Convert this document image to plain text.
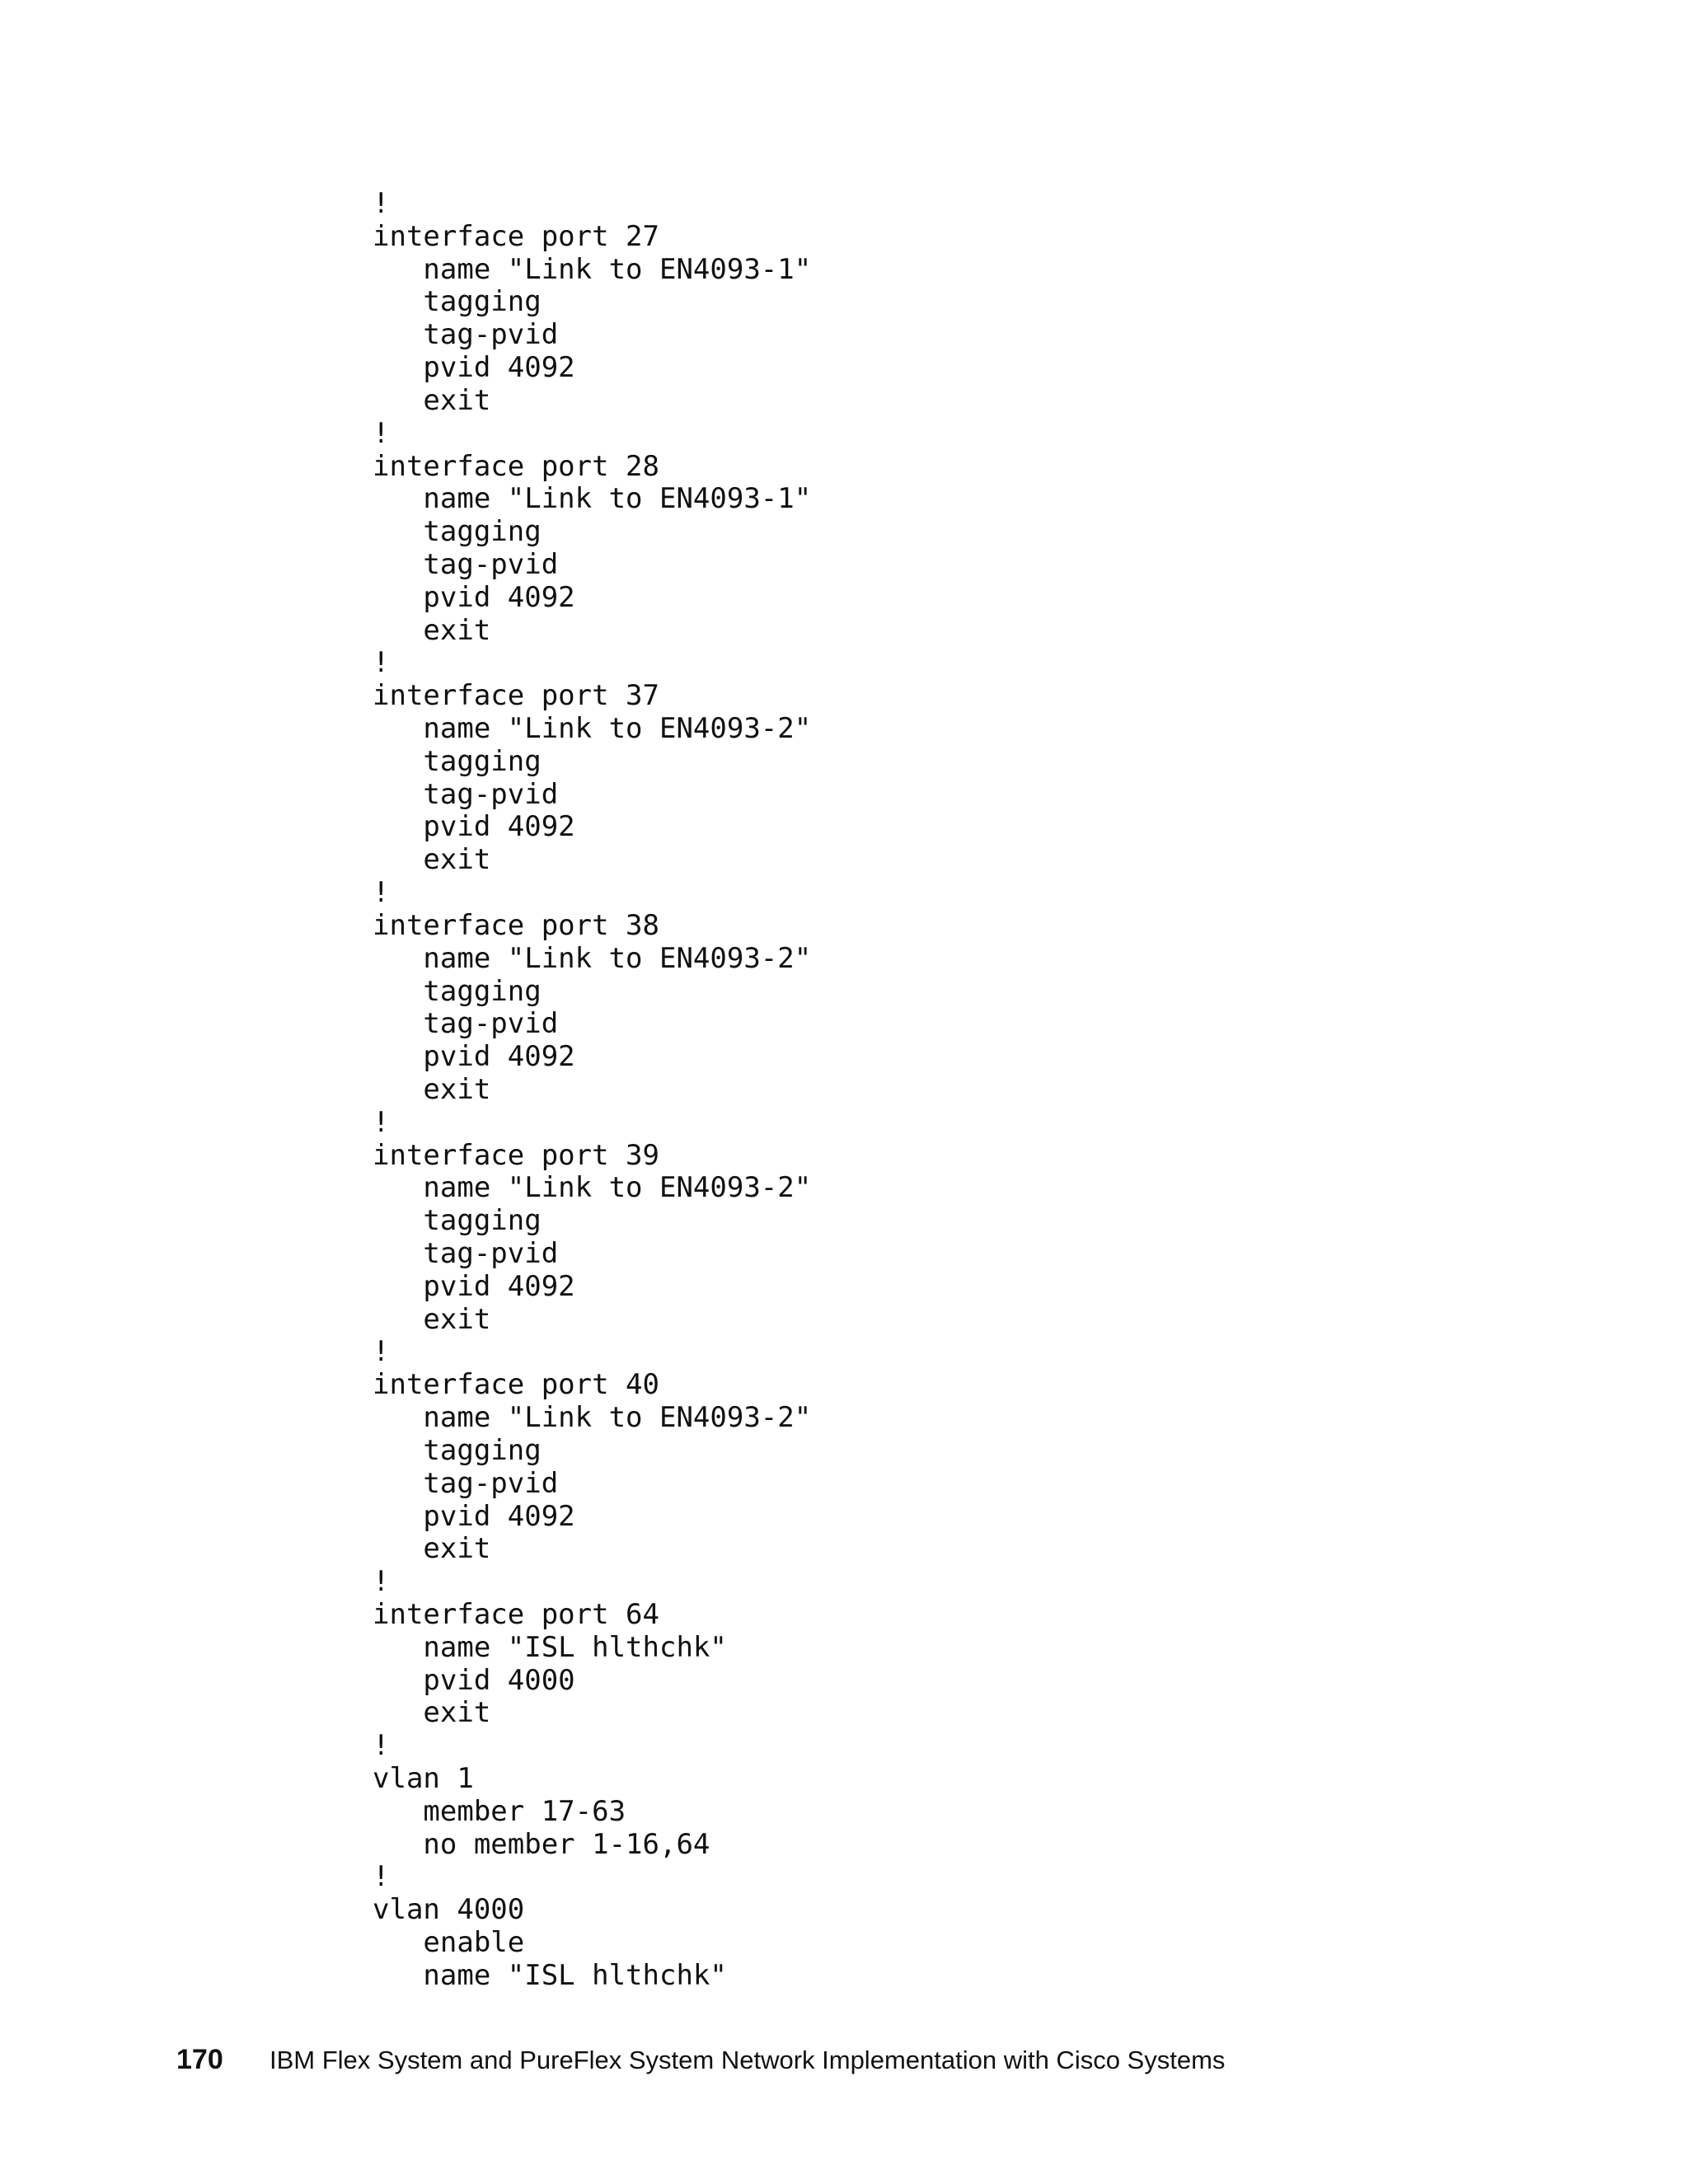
!
interface port 27
name "Link to EN4093-1"
tagging
tag-pvid
pvid 4092
exit
!
interface port 28
name "Link to EN4093-1"
tagging
tag-pvid
pvid 4092
exit
!
interface port 37
name "Link to EN4093-2"
tagging
tag-pvid
pvid 4092
exit
!
interface port 38
name "Link to EN4093-2"
tagging
tag-pvid
pvid 4092
exit
!
interface port 39
name "Link to EN4093-2"
tagging
tag-pvid
pvid 4092
exit
!
interface port 40
name "Link to EN4093-2"
tagging
tag-pvid
pvid 4092
exit
!
interface port 64
name "ISL hlthchk"
pvid 4000
exit
!
vlan 1
member 17-63
no member 1-16,64
!
vlan 4000
enable
name "ISL hlthchk"
170	IBM Flex System and PureFlex System Network Implementation with Cisco Systems
